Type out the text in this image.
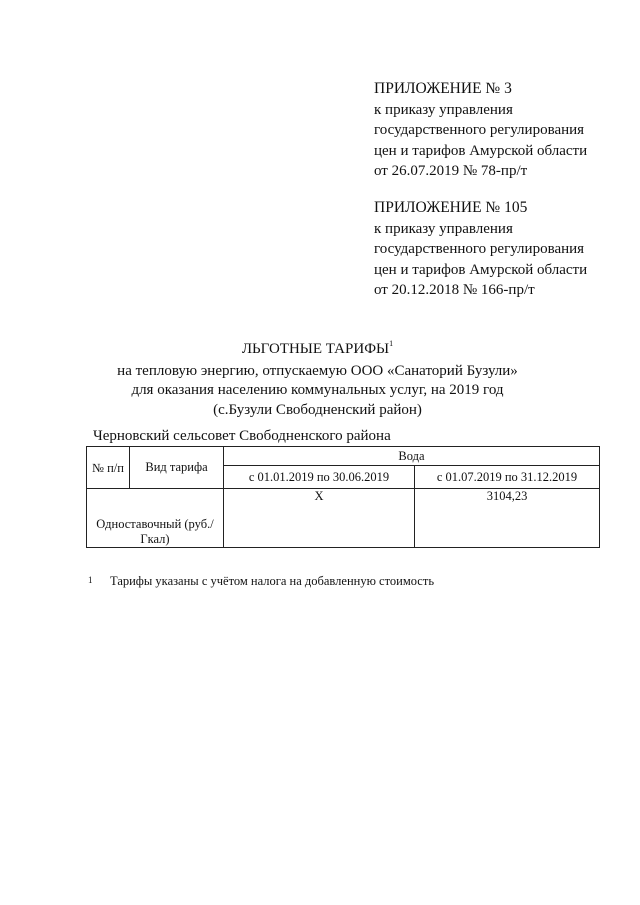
ПРИЛОЖЕНИЕ № 3
к приказу управления
государственного регулирования
цен и тарифов Амурской области
от 26.07.2019 № 78-пр/т
ПРИЛОЖЕНИЕ № 105
к приказу управления
государственного регулирования
цен и тарифов Амурской области
от 20.12.2018 № 166-пр/т
ЛЬГОТНЫЕ ТАРИФЫ$^1$
на тепловую энергию, отпускаемую ООО «Санаторий Бузули»
для оказания населению коммунальных услуг, на 2019 год
(с.Бузули Свободненский район)
Черновский сельсовет Свободненского района
№ п/п	Вид тарифа	Вода	
		с 01.01.2019 по 30.06.2019	с 01.07.2019 по 31.12.2019
Одноставочный (руб./Гкал)		Х	3104,23
1 Тарифы указаны с учётом налога на добавленную стоимость
